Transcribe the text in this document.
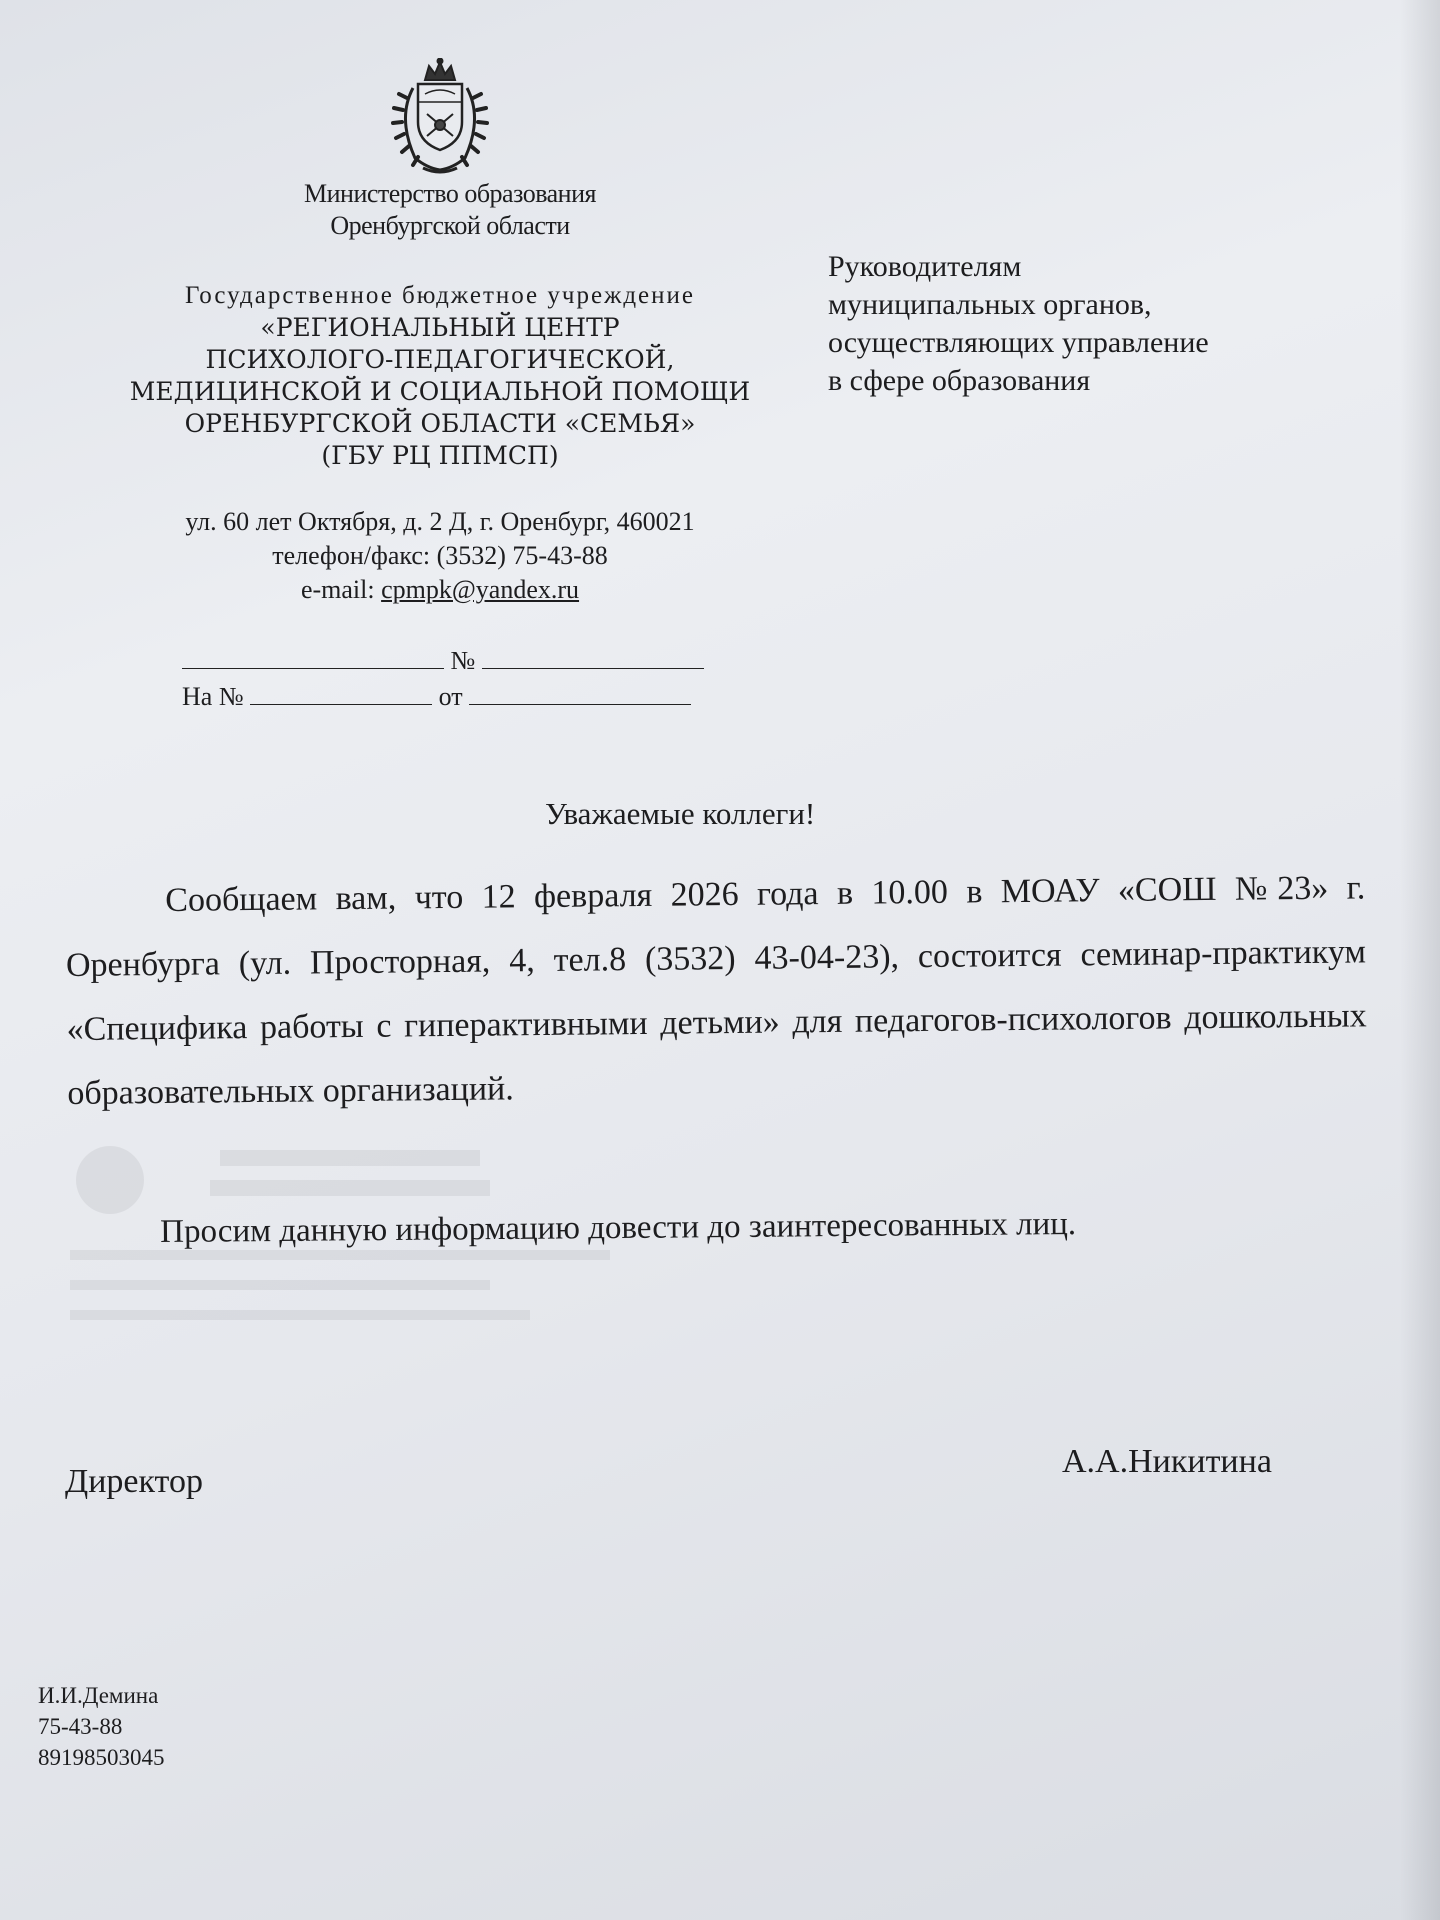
Министерство образования
Оренбургской области
Государственное бюджетное учреждение
«РЕГИОНАЛЬНЫЙ ЦЕНТР
ПСИХОЛОГО-ПЕДАГОГИЧЕСКОЙ,
МЕДИЦИНСКОЙ И СОЦИАЛЬНОЙ ПОМОЩИ
ОРЕНБУРГСКОЙ ОБЛАСТИ «СЕМЬЯ»
(ГБУ РЦ ППМСП)
ул. 60 лет Октября, д. 2 Д, г. Оренбург, 460021
телефон/факс: (3532) 75-43-88
e-mail: cpmpk@yandex.ru
№
На №	от
Руководителям
муниципальных органов,
осуществляющих управление
в сфере образования
Уважаемые коллеги!
Сообщаем вам, что 12 февраля 2026 года в 10.00 в МОАУ «СОШ №23» г. Оренбурга (ул. Просторная, 4, тел.8 (3532) 43-04-23), состоится семинар-практикум «Специфика работы с гиперактивными детьми» для педагогов-психологов дошкольных образовательных организаций.
Просим данную информацию довести до заинтересованных лиц.
Директор
А.А.Никитина
И.И.Демина
75-43-88
89198503045
